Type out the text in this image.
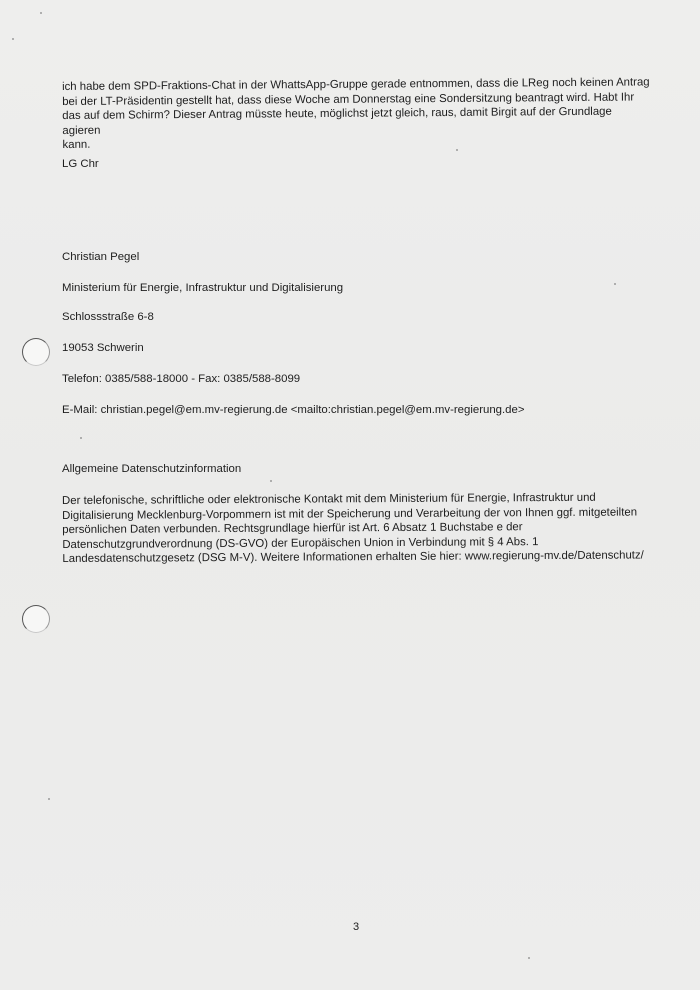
ich habe dem SPD-Fraktions-Chat in der WhattsApp-Gruppe gerade entnommen, dass die LReg noch keinen Antrag
bei der LT-Präsidentin gestellt hat, dass diese Woche am Donnerstag eine Sondersitzung beantragt wird. Habt Ihr
das auf dem Schirm? Dieser Antrag müsste heute, möglichst jetzt gleich, raus, damit Birgit auf der Grundlage agieren
kann.

LG Chr

Christian Pegel

Ministerium für Energie, Infrastruktur und Digitalisierung

Schlossstraße 6-8

19053 Schwerin

Telefon: 0385/588-18000 - Fax: 0385/588-8099

E-Mail: christian.pegel@em.mv-regierung.de <mailto:christian.pegel@em.mv-regierung.de>

Allgemeine Datenschutzinformation

Der telefonische, schriftliche oder elektronische Kontakt mit dem Ministerium für Energie, Infrastruktur und
Digitalisierung Mecklenburg-Vorpommern ist mit der Speicherung und Verarbeitung der von Ihnen ggf. mitgeteilten
persönlichen Daten verbunden. Rechtsgrundlage hierfür ist Art. 6 Absatz 1 Buchstabe e der
Datenschutzgrundverordnung (DS-GVO) der Europäischen Union in Verbindung mit § 4 Abs. 1
Landesdatenschutzgesetz (DSG M-V). Weitere Informationen erhalten Sie hier: www.regierung-mv.de/Datenschutz/

3
